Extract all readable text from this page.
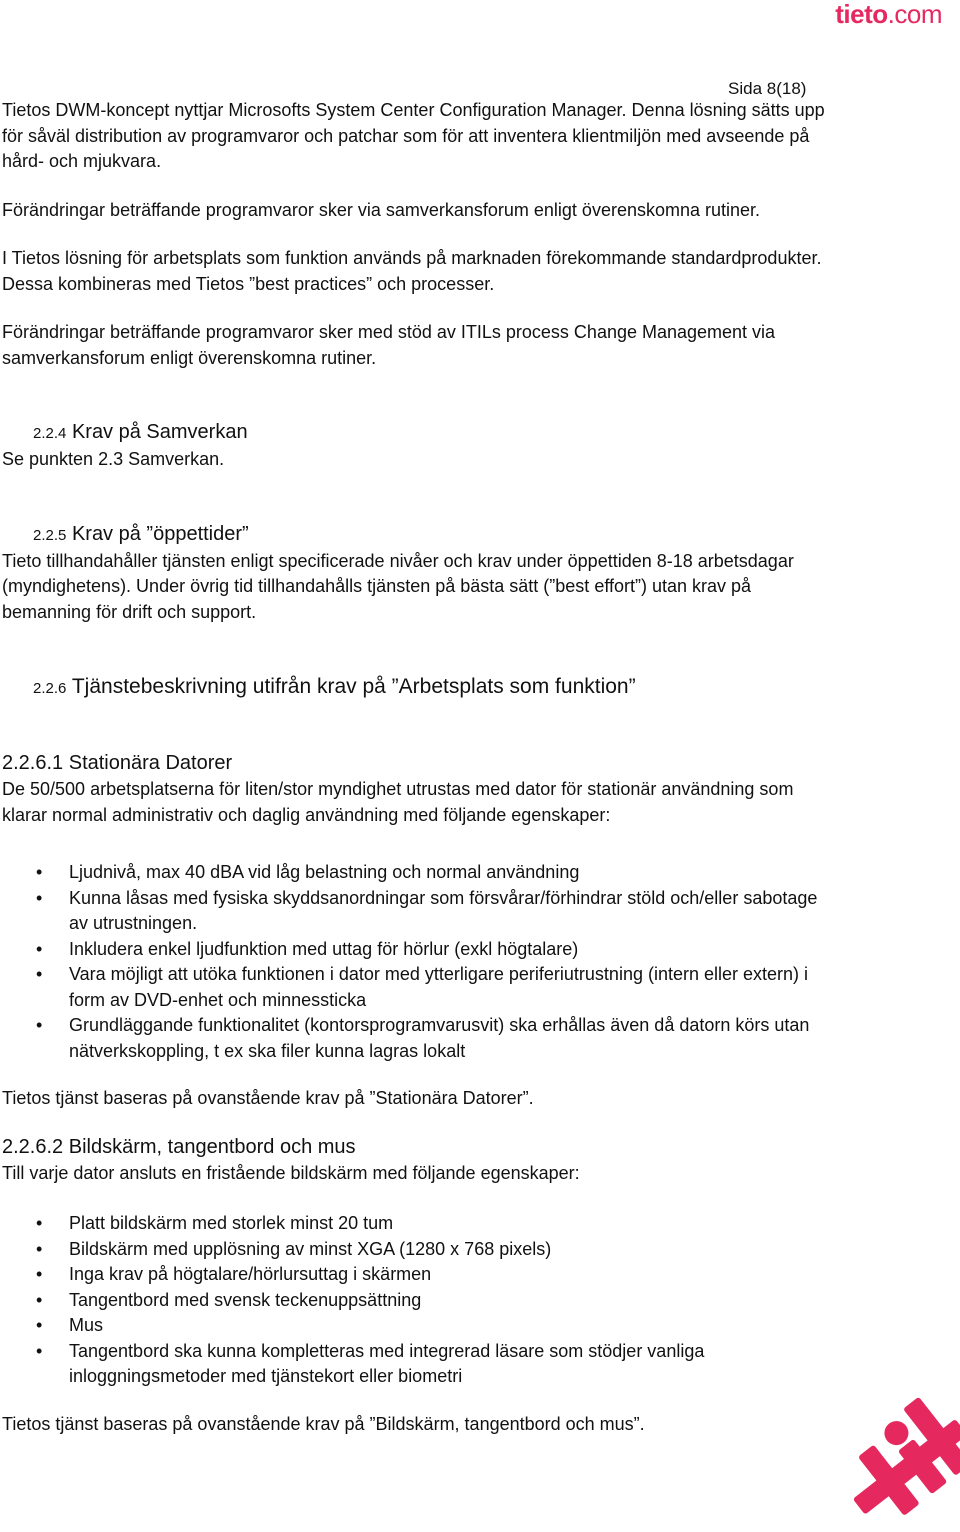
tieto.com
Sida 8(18)

Tietos DWM-koncept nyttjar Microsofts System Center Configuration Manager. Denna lösning sätts upp för såväl distribution av programvaror och patchar som för att inventera klientmiljön med avseende på hård- och mjukvara.

Förändringar beträffande programvaror sker via samverkansforum enligt överenskomna rutiner.

I Tietos lösning för arbetsplats som funktion används på marknaden förekommande standardprodukter. Dessa kombineras med Tietos ”best practices” och processer.

Förändringar beträffande programvaror sker med stöd av ITILs process Change Management via samverkansforum enligt överenskomna rutiner.

2.2.4 Krav på Samverkan

Se punkten 2.3 Samverkan.

2.2.5 Krav på ”öppettider”

Tieto tillhandahåller tjänsten enligt specificerade nivåer och krav under öppettiden 8-18 arbetsdagar (myndighetens). Under övrig tid tillhandahålls tjänsten på bästa sätt (”best effort”) utan krav på bemanning för drift och support.

2.2.6 Tjänstebeskrivning utifrån krav på ”Arbetsplats som funktion”
2.2.6.1 Stationära Datorer

De 50/500 arbetsplatserna för liten/stor myndighet utrustas med dator för stationär användning som klarar normal administrativ och daglig användning med följande egenskaper:

• Ljudnivå, max 40 dBA vid låg belastning och normal användning
• Kunna låsas med fysiska skyddsanordningar som försvårar/förhindrar stöld och/eller sabotage av utrustningen.
• Inkludera enkel ljudfunktion med uttag för hörlur (exkl högtalare)
• Vara möjligt att utöka funktionen i dator med ytterligare periferiutrustning (intern eller extern) i form av DVD-enhet och minnessticka
• Grundläggande funktionalitet (kontorsprogramvarusvit) ska erhållas även då datorn körs utan nätverkskoppling, t ex ska filer kunna lagras lokalt

Tietos tjänst baseras på ovanstående krav på ”Stationära Datorer”.

2.2.6.2 Bildskärm, tangentbord och mus

Till varje dator ansluts en fristående bildskärm med följande egenskaper:

• Platt bildskärm med storlek minst 20 tum
• Bildskärm med upplösning av minst XGA (1280 x 768 pixels)
• Inga krav på högtalare/hörlursuttag i skärmen
• Tangentbord med svensk teckenuppsättning
• Mus
• Tangentbord ska kunna kompletteras med integrerad läsare som stödjer vanliga inloggningsmetoder med tjänstekort eller biometri

Tietos tjänst baseras på ovanstående krav på ”Bildskärm, tangentbord och mus”.
